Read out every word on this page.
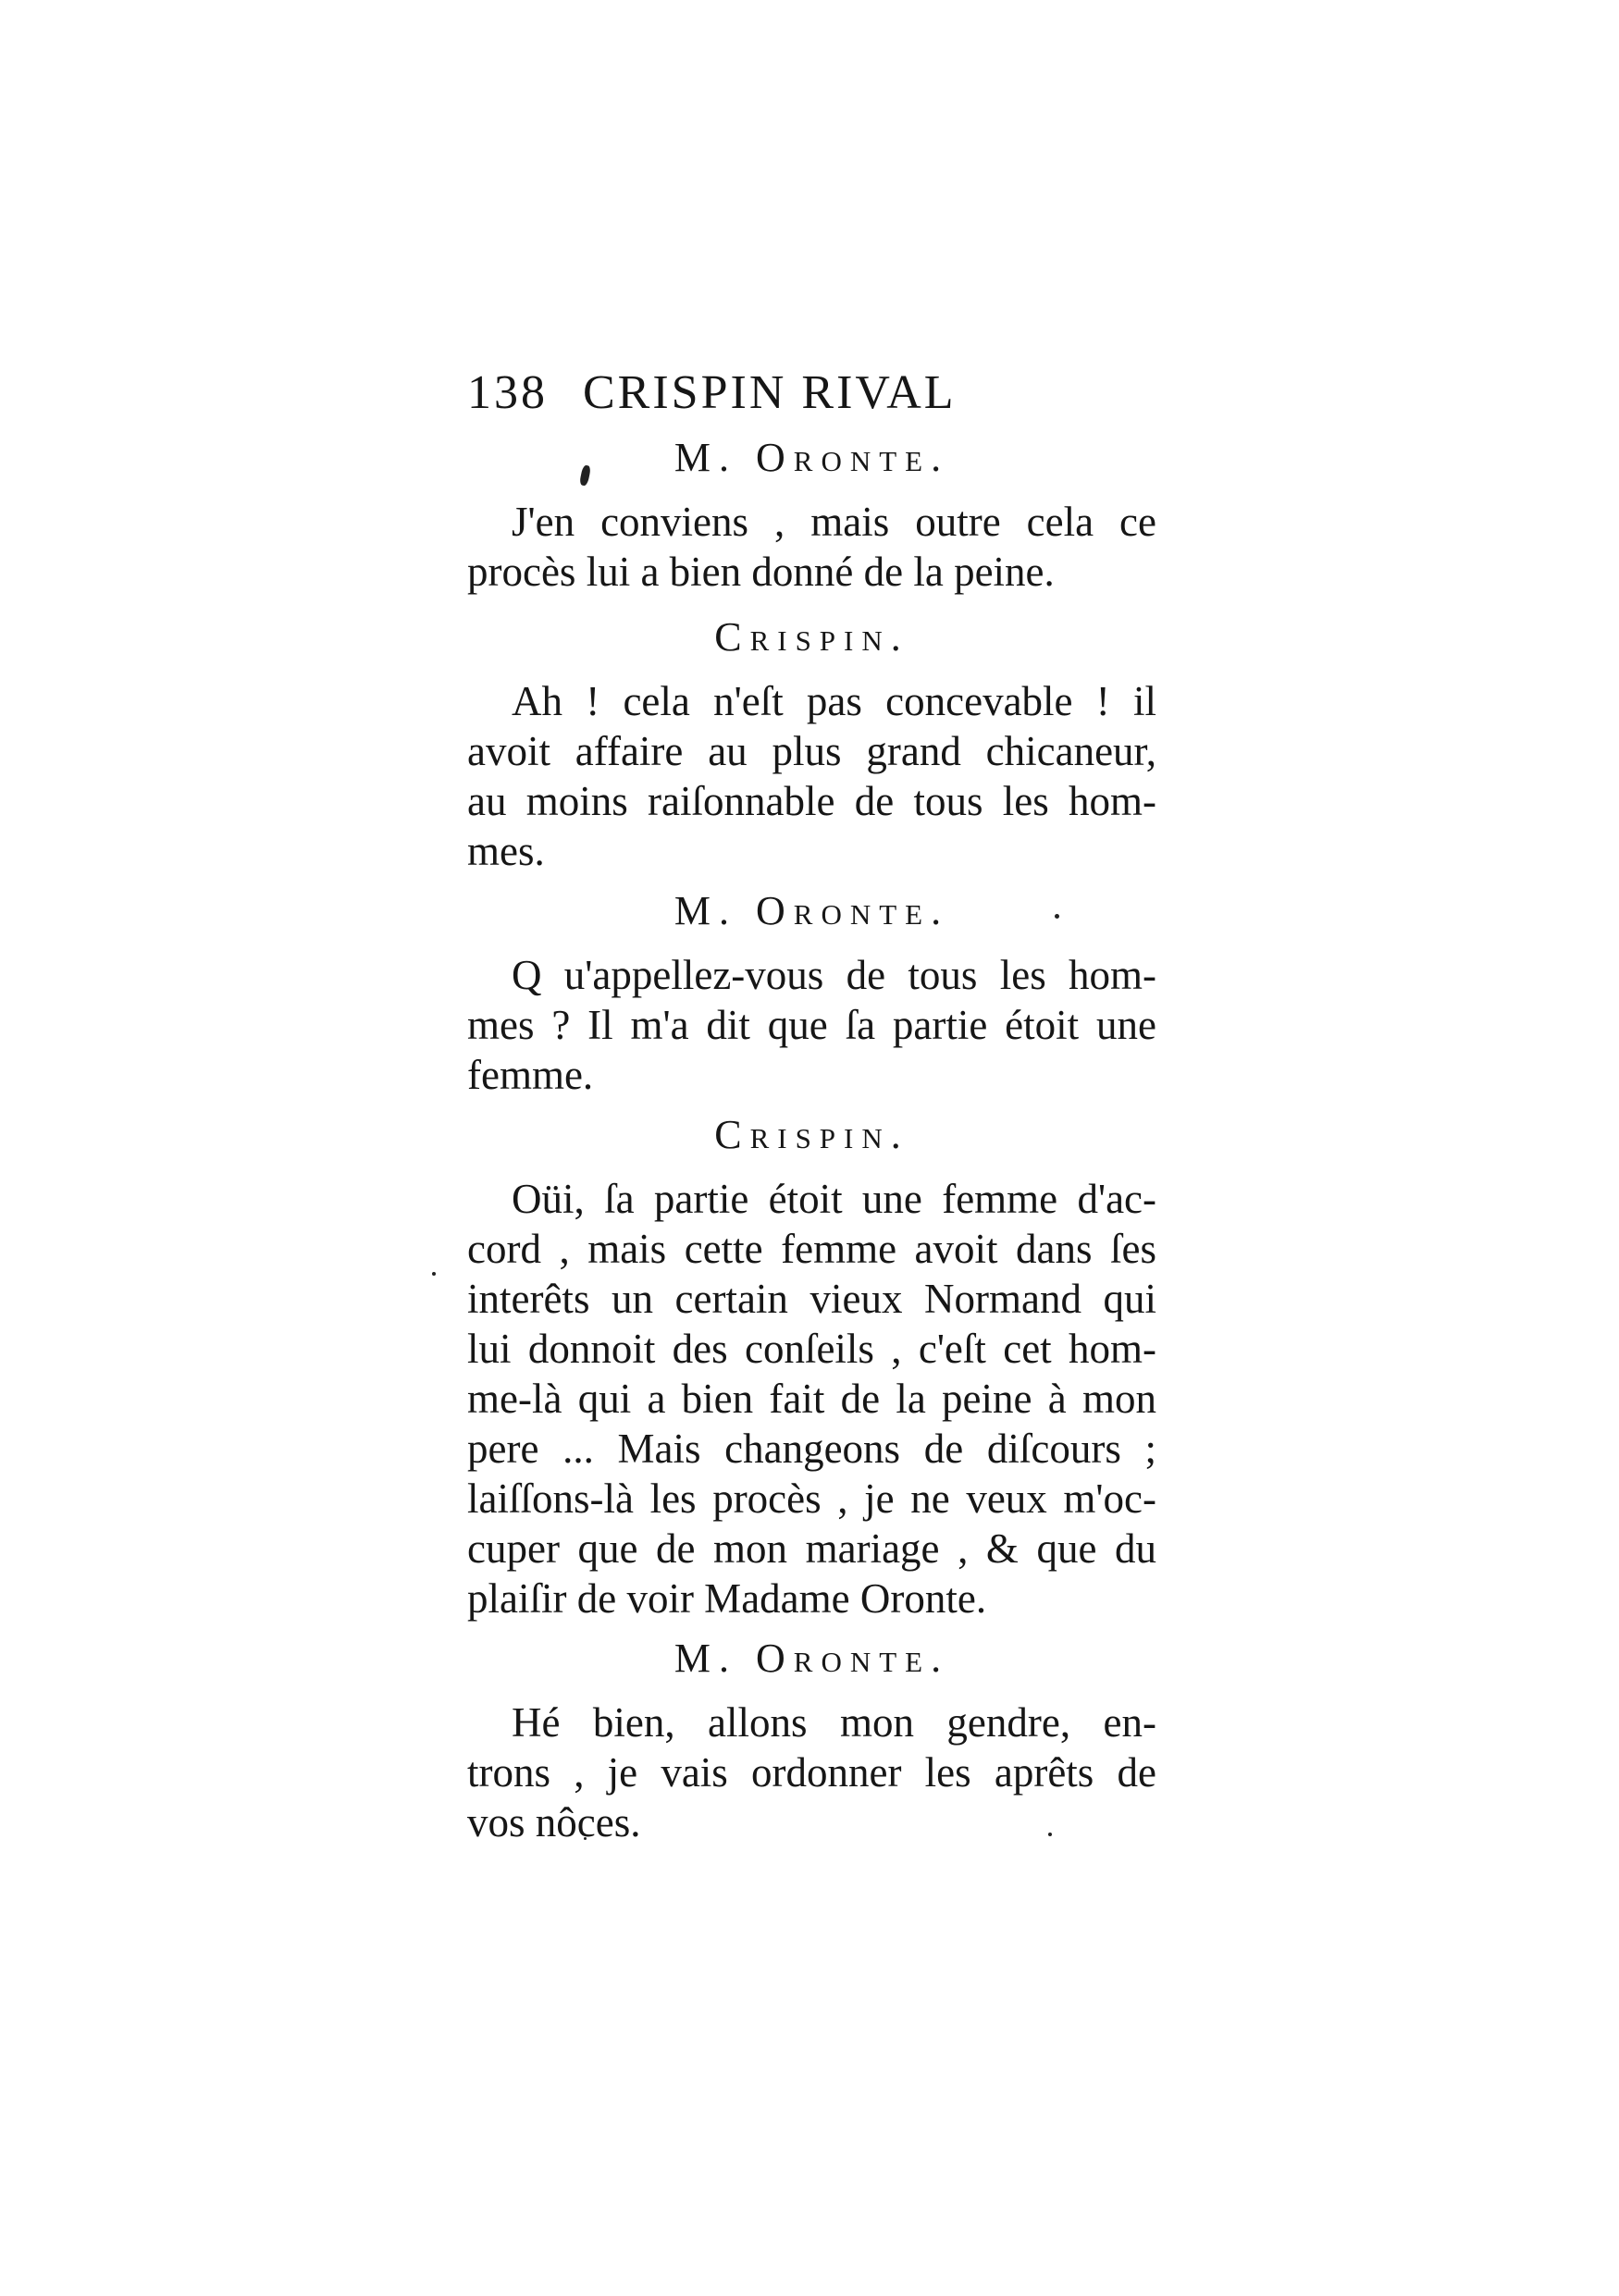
138 CRISPIN RIVAL
M. Oronte.
J'en conviens , mais outre cela ce
procès lui a bien donné de la peine.
Crispin.
Ah ! cela n'eſt pas concevable ! il
avoit affaire au plus grand chicaneur,
au moins raiſonnable de tous les hom-
mes.
M. Oronte.
Q u'appellez-vous de tous les hom-
mes ? Il m'a dit que ſa partie étoit une
femme.
Crispin.
Oüi, ſa partie étoit une femme d'ac-
cord , mais cette femme avoit dans ſes
interêts un certain vieux Normand qui
lui donnoit des conſeils , c'eſt cet hom-
me-là qui a bien fait de la peine à mon
pere ... Mais changeons de diſcours ;
laiſſons-là les procès , je ne veux m'oc-
cuper que de mon mariage , & que du
plaiſir de voir Madame Oronte.
M. Oronte.
Hé bien, allons mon gendre, en-
trons , je vais ordonner les aprêts de
vos nôces.
